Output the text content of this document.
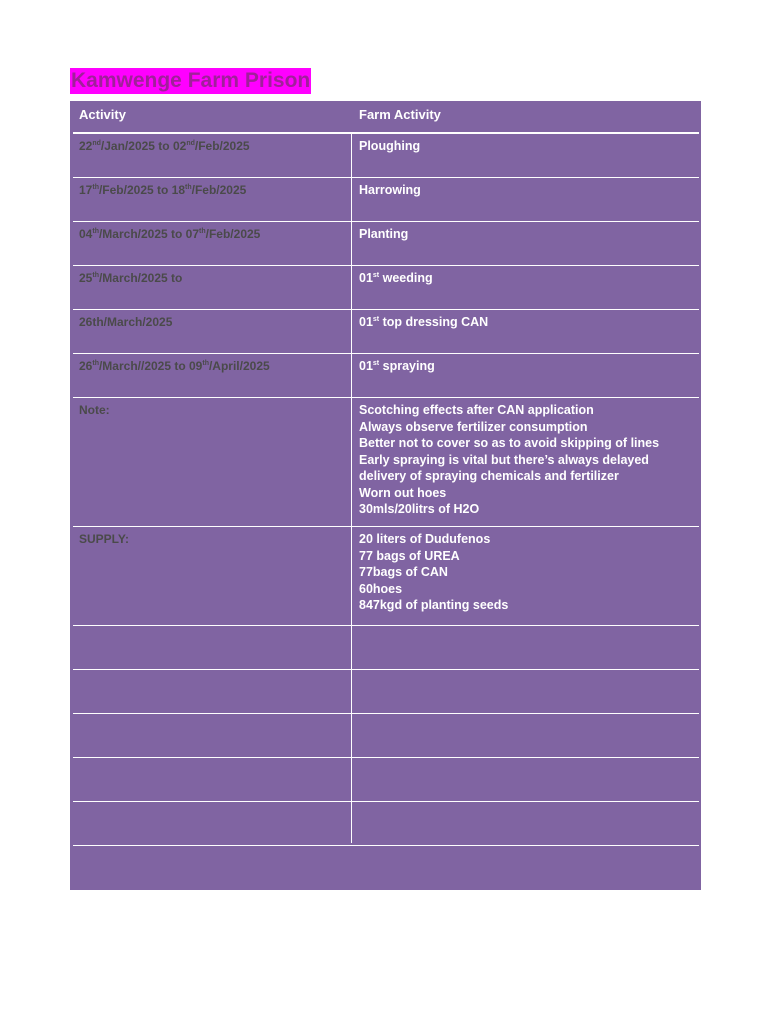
Kamwenge Farm Prison
Activity	Farm Activity
22nd/Jan/2025 to 02nd/Feb/2025	Ploughing
17th/Feb/2025 to 18th/Feb/2025	Harrowing
04th/March/2025 to 07th/Feb/2025	Planting
25th/March/2025 to	01st weeding
26th/March/2025	01st top dressing CAN
26th/March//2025 to 09th/April/2025	01st spraying
Note:	Scotching effects after CAN application
Always observe fertilizer consumption
Better not to cover so as to avoid skipping of lines
Early spraying is vital but there’s always delayed
delivery of spraying chemicals and fertilizer
Worn out hoes
30mls/20litrs of H2O
SUPPLY:	20 liters of Dudufenos
77 bags of UREA
77bags of CAN
60hoes
847kgd of planting seeds
